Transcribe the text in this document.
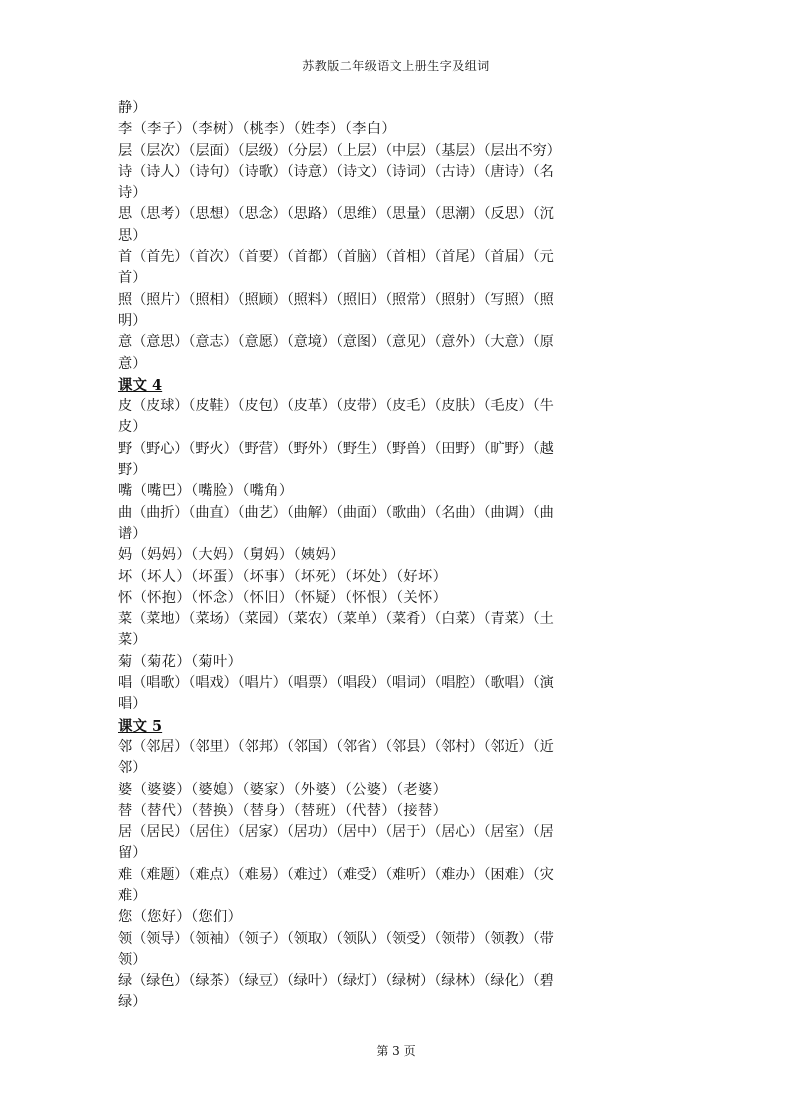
苏教版二年级语文上册生字及组词
静）
李（李子）（李树）（桃李）（姓李）（李白）
层（层次）（层面）（层级）（分层）（上层）（中层）（基层）（层出不穷）
诗（诗人）（诗句）（诗歌）（诗意）（诗文）（诗词）（古诗）（唐诗）（名
诗）
思（思考）（思想）（思念）（思路）（思维）（思量）（思潮）（反思）（沉
思）
首（首先）（首次）（首要）（首都）（首脑）（首相）（首尾）（首届）（元
首）
照（照片）（照相）（照顾）（照料）（照旧）（照常）（照射）（写照）（照
明）
意（意思）（意志）（意愿）（意境）（意图）（意见）（意外）（大意）（原
意）
课文 4
皮（皮球）（皮鞋）（皮包）（皮革）（皮带）（皮毛）（皮肤）（毛皮）（牛
皮）
野（野心）（野火）（野营）（野外）（野生）（野兽）（田野）（旷野）（越
野）
嘴（嘴巴）（嘴脸）（嘴角）
曲（曲折）（曲直）（曲艺）（曲解）（曲面）（歌曲）（名曲）（曲调）（曲
谱）
妈（妈妈）（大妈）（舅妈）（姨妈）
坏（坏人）（坏蛋）（坏事）（坏死）（坏处）（好坏）
怀（怀抱）（怀念）（怀旧）（怀疑）（怀恨）（关怀）
菜（菜地）（菜场）（菜园）（菜农）（菜单）（菜肴）（白菜）（青菜）（土
菜）
菊（菊花）（菊叶）
唱（唱歌）（唱戏）（唱片）（唱票）（唱段）（唱词）（唱腔）（歌唱）（演
唱）
课文 5
邻（邻居）（邻里）（邻邦）（邻国）（邻省）（邻县）（邻村）（邻近）（近
邻）
婆（婆婆）（婆媳）（婆家）（外婆）（公婆）（老婆）
替（替代）（替换）（替身）（替班）（代替）（接替）
居（居民）（居住）（居家）（居功）（居中）（居于）（居心）（居室）（居
留）
难（难题）（难点）（难易）（难过）（难受）（难听）（难办）（困难）（灾
难）
您（您好）（您们）
领（领导）（领袖）（领子）（领取）（领队）（领受）（领带）（领教）（带
领）
绿（绿色）（绿茶）（绿豆）（绿叶）（绿灯）（绿树）（绿林）（绿化）（碧
绿）
第 3 页
